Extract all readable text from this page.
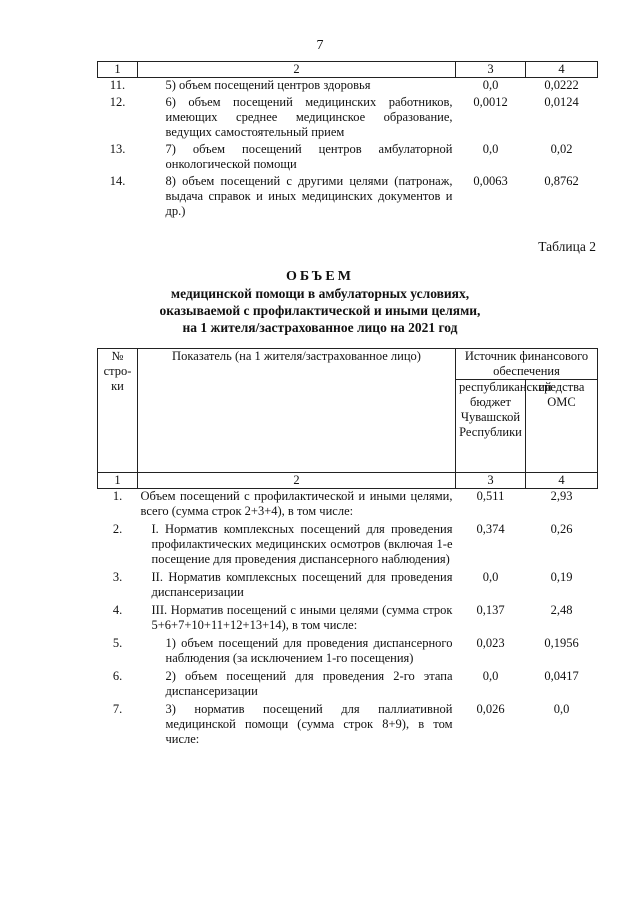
7
1	2	3	4
11.	5) объем посещений центров здоровья	0,0	0,0222
12.	6) объем посещений медицинских работников, имеющих среднее медицинское образование, ведущих самостоятельный прием	0,0012	0,0124
13.	7) объем посещений центров амбулаторной онкологической помощи	0,0	0,02
14.	8) объем посещений с другими целями (патронаж, выдача справок и иных медицинских документов и др.)	0,0063	0,8762
Таблица 2
ОБЪЕМ
медицинской помощи в амбулаторных условиях,
оказываемой с профилактической и иными целями,
на 1 жителя/застрахованное лицо на 2021 год
№ стро-ки	Показатель (на 1 жителя/застрахованное лицо)	Источник финансового обеспечения	
		республиканский бюджет Чувашской Республики	средства ОМС
1	2	3	4
1.	Объем посещений с профилактической и иными целями, всего (сумма строк 2+3+4), в том числе:	0,511	2,93
2.	I. Норматив комплексных посещений для проведения профилактических медицинских осмотров (включая 1-е посещение для проведения диспансерного наблюдения)	0,374	0,26
3.	II. Норматив комплексных посещений для проведения диспансеризации	0,0	0,19
4.	III. Норматив посещений с иными целями (сумма строк 5+6+7+10+11+12+13+14), в том числе:	0,137	2,48
5.	1) объем посещений для проведения диспансерного наблюдения (за исключением 1-го посещения)	0,023	0,1956
6.	2) объем посещений для проведения 2-го этапа диспансеризации	0,0	0,0417
7.	3) норматив посещений для паллиативной медицинской помощи (сумма строк 8+9), в том числе:	0,026	0,0
